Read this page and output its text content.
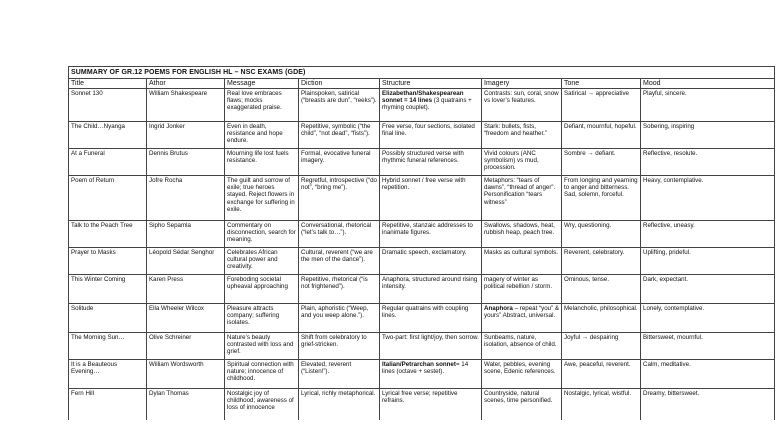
SUMMARY OF GR.12 POEMS FOR ENGLISH HL – NSC EXAMS (GDE)							
Title	Athor	Message	Diction	Structure	Imagery	Tone	Mood
Sonnet 130	William Shakespeare	Real love embraces flaws; mocks exaggerated praise.	Plainspoken, satirical (“breasts are dun”, “reeks”).	Elizabethan/Shakespearean sonnet = 14 lines (3 quatrains + rhyming couplet).	Contrasts: sun, coral, snow vs lover’s features.	Satirical → appreciative	Playful, sincere.
The Child…Nyanga	Ingrid Jonker	Even in death, resistance and hope endure.	Repetitive, symbolic (“the child”, “not dead”, “fists”).	Free verse, four sections, isolated final line.	Stark: bullets, fists, “freedom and heather.”	Defiant, mournful, hopeful.	Sobering, inspiring
At a Funeral	Dennis Brutus	Mourning life lost fuels resistance.	Formal, evocative funeral imagery.	Possibly structured verse with rhythmic funeral references.	Vivid colours (ANC symbolism) vs mud, procession.	Sombre → defiant.	Reflective, resolute.
Poem of Return	Jofre Rocha	The guilt and sorrow of exile; true heroes stayed. Reject flowers in exchange for suffering in exile.	Regretful, introspective (“do not”, “bring me”).	Hybrid sonnet / free verse with repetition.	Metaphors: “tears of dawns”, “thread of anger”. Personification “tears witness”	From longing and yearning to anger and bitterness. Sad, solemn, forceful.	Heavy, contemplative.
Talk to the Peach Tree	Sipho Sepamla	Commentary on disconnection, search for meaning.	Conversational, rhetorical (“let’s talk to…”).	Repetitive, stanzaic addresses to inanimate figures.	Swallows, shadows, heat, rubbish heap, peach tree.	Wry, questioning.	Reflective, uneasy.
Prayer to Masks	Léopold Sédar Senghor	Celebrates African cultural power and creativity.	Cultural, reverent (“we are the men of the dance”).	Dramatic speech, exclamatory.	Masks as cultural symbols.	Reverent, celebratory.	Uplifting, prideful.
This Winter Coming	Karen Press	Foreboding societal upheaval approaching	Repetitive, rhetorical (“is not frightened”).	Anaphora, structured around rising intensity.	magery of winter as political rebellion / storm.	Ominous, tense.	Dark, expectant.
Solitude	Ella Wheeler Wilcox	Pleasure attracts company; suffering isolates.	Plain, aphoristic (“Weep, and you weep alone.”).	Regular quatrains with coupling lines.	Anaphora – repeat “you” & yours” Abstract, universal.	Melancholic, philosophical.	Lonely, contemplative.
The Morning Sun…	Olive Schreiner	Nature’s beauty contrasted with loss and grief.	Shift from celebratory to grief-stricken.	Two-part: first light/joy, then sorrow.	Sunbeams, nature, isolation, absence of child.	Joyful → despairing	Bittersweet, mournful.
It is a Beauteous Evening…	William Wordsworth	Spiritual connection with nature; innocence of childhood.	Elevated, reverent (“Listen!”).	Italian/Petrarchan sonnet= 14 lines (octave + sestet).	Water, pebbles, evening scene, Edenic references.	Awe, peaceful, reverent.	Calm, meditative.
Fern Hill	Dylan Thomas	Nostalgic joy of childhood; awareness of loss of innocence	Lyrical, richly metaphorical.	Lyrical free verse; repetitive refrains.	Countryside, natural scenes, time personified.	Nostalgic, lyrical, wistful.	Dreamy, bittersweet.
